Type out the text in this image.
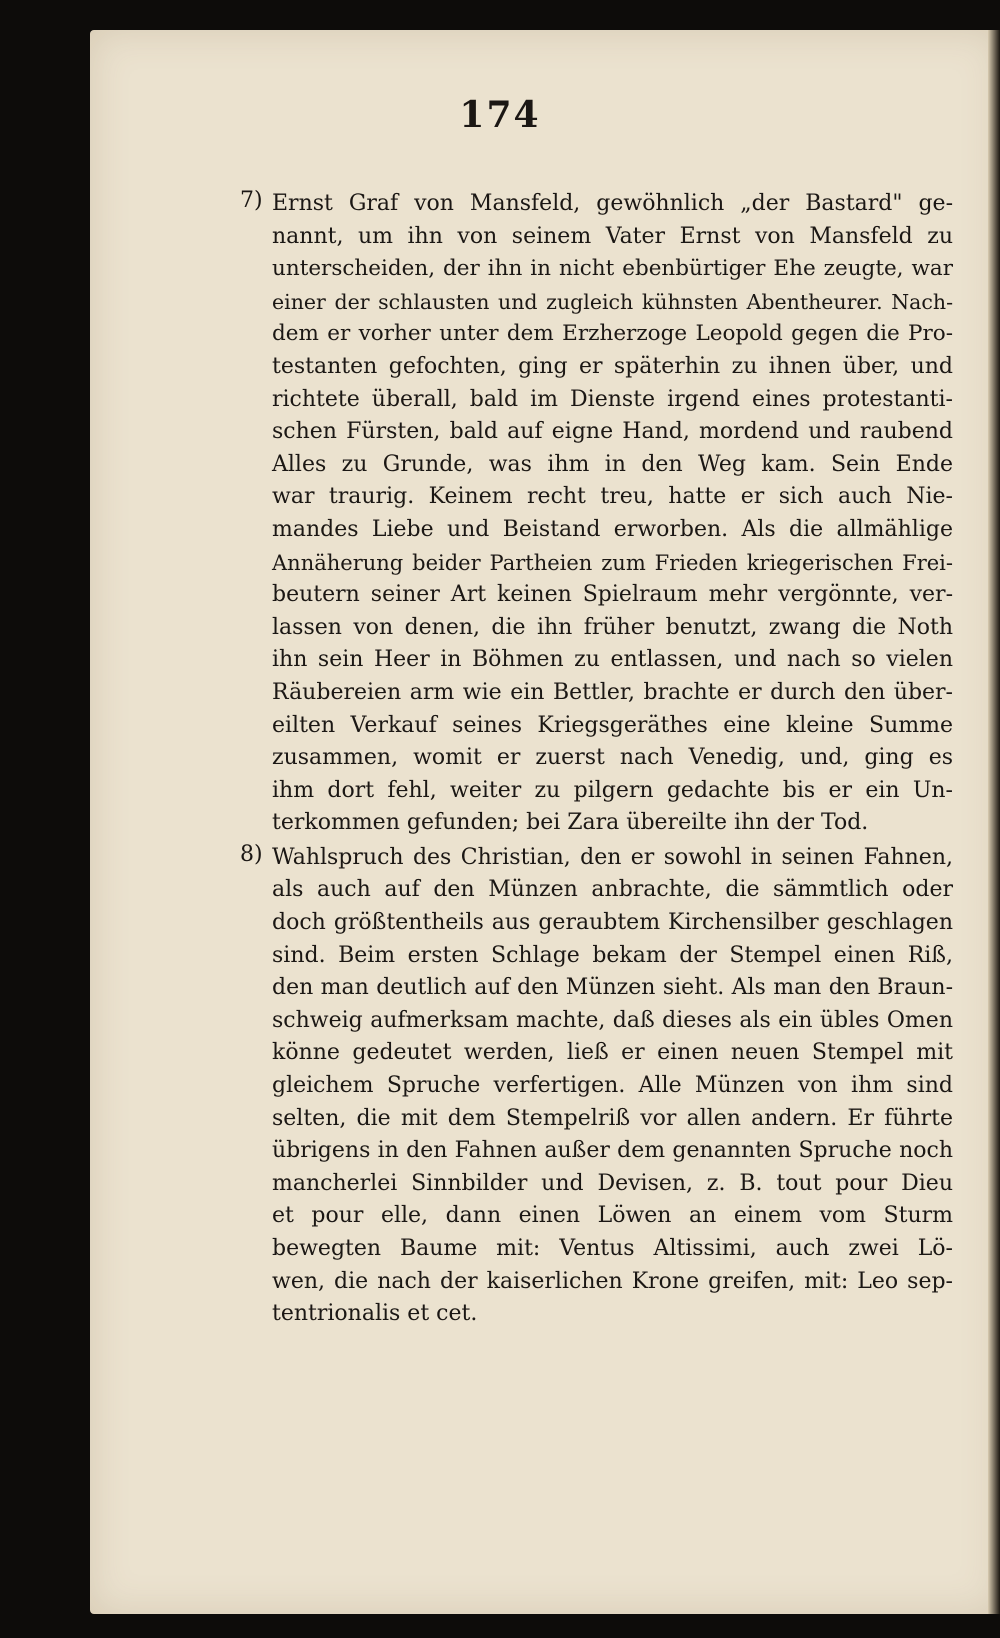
174
7) Ernst Graf von Mansfeld, gewöhnlich „der Bastard" ge-
nannt, um ihn von seinem Vater Ernst von Mansfeld zu
unterscheiden, der ihn in nicht ebenbürtiger Ehe zeugte, war
einer der schlausten und zugleich kühnsten Abentheurer. Nach-
dem er vorher unter dem Erzherzoge Leopold gegen die Pro-
testanten gefochten, ging er späterhin zu ihnen über, und
richtete überall, bald im Dienste irgend eines protestanti-
schen Fürsten, bald auf eigne Hand, mordend und raubend
Alles zu Grunde, was ihm in den Weg kam. Sein Ende
war traurig. Keinem recht treu, hatte er sich auch Nie-
mandes Liebe und Beistand erworben. Als die allmählige
Annäherung beider Partheien zum Frieden kriegerischen Frei-
beutern seiner Art keinen Spielraum mehr vergönnte, ver-
lassen von denen, die ihn früher benutzt, zwang die Noth
ihn sein Heer in Böhmen zu entlassen, und nach so vielen
Räubereien arm wie ein Bettler, brachte er durch den über-
eilten Verkauf seines Kriegsgeräthes eine kleine Summe
zusammen, womit er zuerst nach Venedig, und, ging es
ihm dort fehl, weiter zu pilgern gedachte bis er ein Un-
terkommen gefunden; bei Zara übereilte ihn der Tod.
8) Wahlspruch des Christian, den er sowohl in seinen Fahnen,
als auch auf den Münzen anbrachte, die sämmtlich oder
doch größtentheils aus geraubtem Kirchensilber geschlagen
sind. Beim ersten Schlage bekam der Stempel einen Riß,
den man deutlich auf den Münzen sieht. Als man den Braun-
schweig aufmerksam machte, daß dieses als ein übles Omen
könne gedeutet werden, ließ er einen neuen Stempel mit
gleichem Spruche verfertigen. Alle Münzen von ihm sind
selten, die mit dem Stempelriß vor allen andern. Er führte
übrigens in den Fahnen außer dem genannten Spruche noch
mancherlei Sinnbilder und Devisen, z. B. tout pour Dieu
et pour elle, dann einen Löwen an einem vom Sturm
bewegten Baume mit: Ventus Altissimi, auch zwei Lö-
wen, die nach der kaiserlichen Krone greifen, mit: Leo sep-
tentrionalis et cet.
